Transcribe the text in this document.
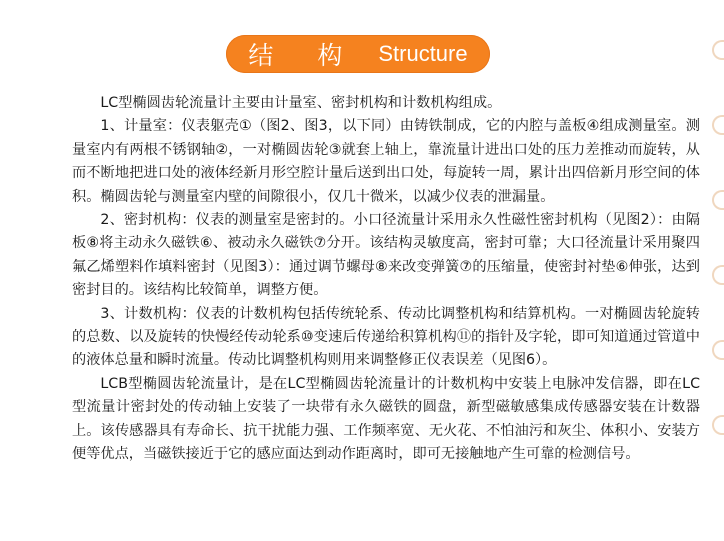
结 构 Structure

LC型椭圆齿轮流量计主要由计量室、密封机构和计数机构组成。

1、计量室：仪表躯壳①（图2、图3，以下同）由铸铁制成，它的内腔与盖板④组成测量室。测量室内有两根不锈钢轴②，一对椭圆齿轮③就套上轴上，靠流量计进出口处的压力差推动而旋转，从而不断地把进口处的液体经新月形空腔计量后送到出口处，每旋转一周，累计出四倍新月形空间的体积。椭圆齿轮与测量室内壁的间隙很小，仅几十微米，以减少仪表的泄漏量。

2、密封机构：仪表的测量室是密封的。小口径流量计采用永久性磁性密封机构（见图2）：由隔板⑧将主动永久磁铁⑥、被动永久磁铁⑦分开。该结构灵敏度高，密封可靠；大口径流量计采用聚四氟乙烯塑料作填料密封（见图3）：通过调节螺母⑧来改变弹簧⑦的压缩量，使密封衬垫⑥伸张，达到密封目的。该结构比较简单，调整方便。

3、计数机构：仪表的计数机构包括传统轮系、传动比调整机构和结算机构。一对椭圆齿轮旋转的总数、以及旋转的快慢经传动轮系⑩变速后传递给积算机构⑪的指针及字轮，即可知道通过管道中的液体总量和瞬时流量。传动比调整机构则用来调整修正仪表误差（见图6）。

LCB型椭圆齿轮流量计，是在LC型椭圆齿轮流量计的计数机构中安装上电脉冲发信器，即在LC型流量计密封处的传动轴上安装了一块带有永久磁铁的圆盘，新型磁敏感集成传感器安装在计数器上。该传感器具有寿命长、抗干扰能力强、工作频率宽、无火花、不怕油污和灰尘、体积小、安装方便等优点，当磁铁接近于它的感应面达到动作距离时，即可无接触地产生可靠的检测信号。
